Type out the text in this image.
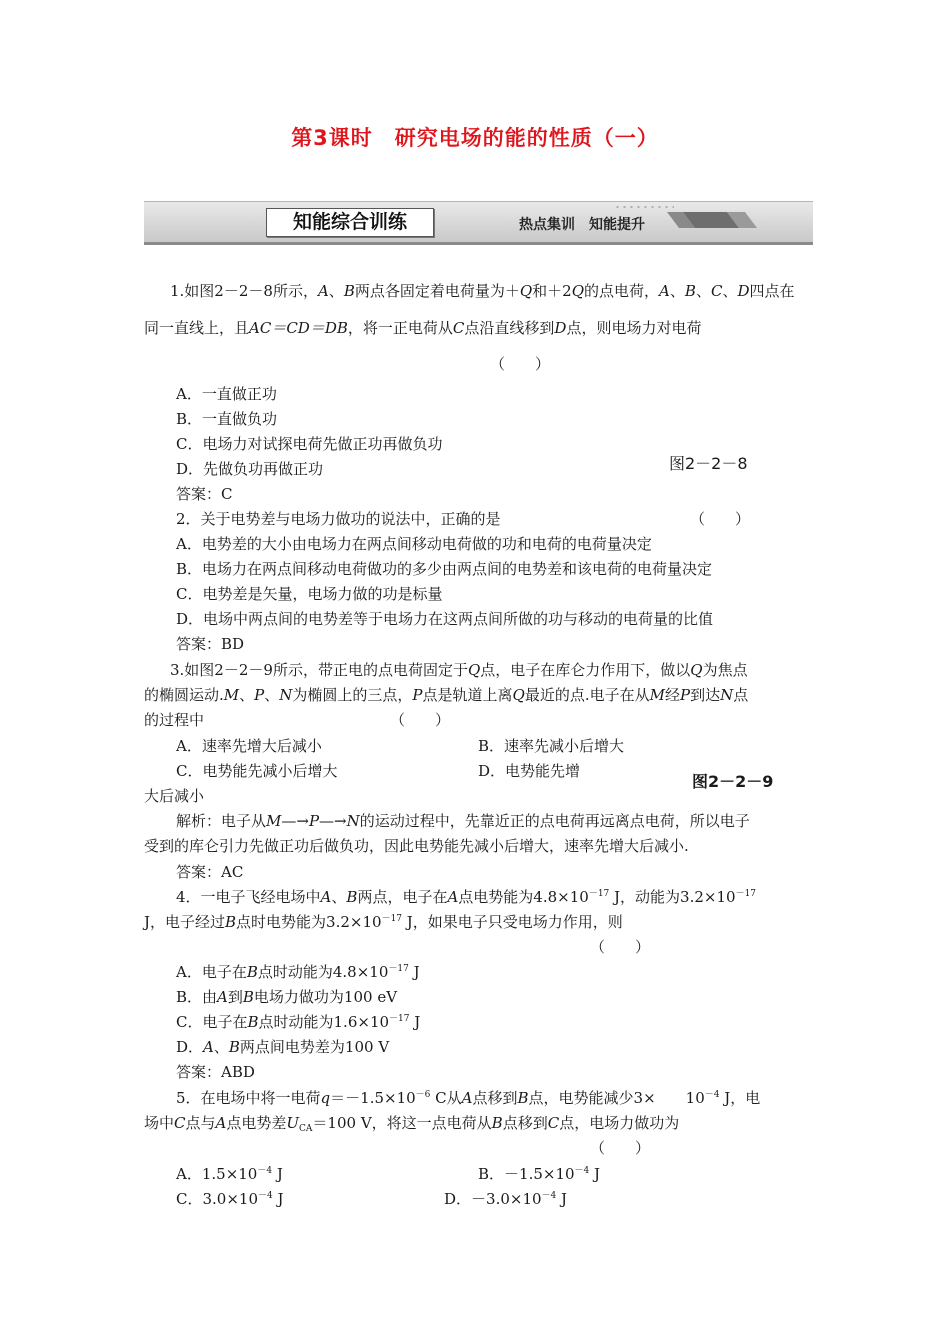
第3课时　研究电场的能的性质（一）
知能综合训练	热点集训　知能提升
1.如图2－2－8所示，A、B两点各固定着电荷量为＋Q和＋2Q的点电荷，A、B、C、D四点在
同一直线上，且AC＝CD＝DB，将一正电荷从C点沿直线移到D点，则电场力对电荷
（　　）
A．一直做正功
B．一直做负功
C．电场力对试探电荷先做正功再做负功
D．先做负功再做正功	图2－2－8
答案：C
2．关于电势差与电场力做功的说法中，正确的是	（　　）
A．电势差的大小由电场力在两点间移动电荷做的功和电荷的电荷量决定
B．电场力在两点间移动电荷做功的多少由两点间的电势差和该电荷的电荷量决定
C．电势差是矢量，电场力做的功是标量
D．电场中两点间的电势差等于电场力在这两点间所做的功与移动的电荷量的比值
答案：BD
3.如图2－2－9所示，带正电的点电荷固定于Q点，电子在库仑力作用下，做以Q为焦点
的椭圆运动.M、P、N为椭圆上的三点，P点是轨道上离Q最近的点.电子在从M经P到达N点
的过程中	（　　）
A．速率先增大后减小	B．速率先减小后增大
C．电势能先减小后增大	D．电势能先增
图2－2－9
大后减小
解析：电子从M—→P—→N的运动过程中，先靠近正的点电荷再远离点电荷，所以电子
受到的库仑引力先做正功后做负功，因此电势能先减小后增大，速率先增大后减小.
答案：AC
4．一电子飞经电场中A、B两点，电子在A点电势能为$4.8\times 10^{-17}$ J，动能为$3.2\times 10^{-17}$
J，电子经过B点时电势能为$3.2\times 10^{-17}$ J，如果电子只受电场力作用，则
（　　）
A．电子在B点时动能为$4.8\times 10^{-17}$ J
B．由A到B电场力做功为100 eV
C．电子在B点时动能为$1.6\times 10^{-17}$ J
D．A、B两点间电势差为100 V
答案：ABD
5．在电场中将一电荷$q=-1.5\times 10^{-6}$ C从A点移到B点，电势能减少3×　　$10^{-4}$ J，电
场中C点与A点电势差$U_{CA}=100$ V，将这一点电荷从B点移到C点，电场力做功为
（　　）
A．$1.5\times 10^{-4}$ J	B．$-1.5\times 10^{-4}$ J
C．$3.0\times 10^{-4}$ J	D．$-3.0\times 10^{-4}$ J
